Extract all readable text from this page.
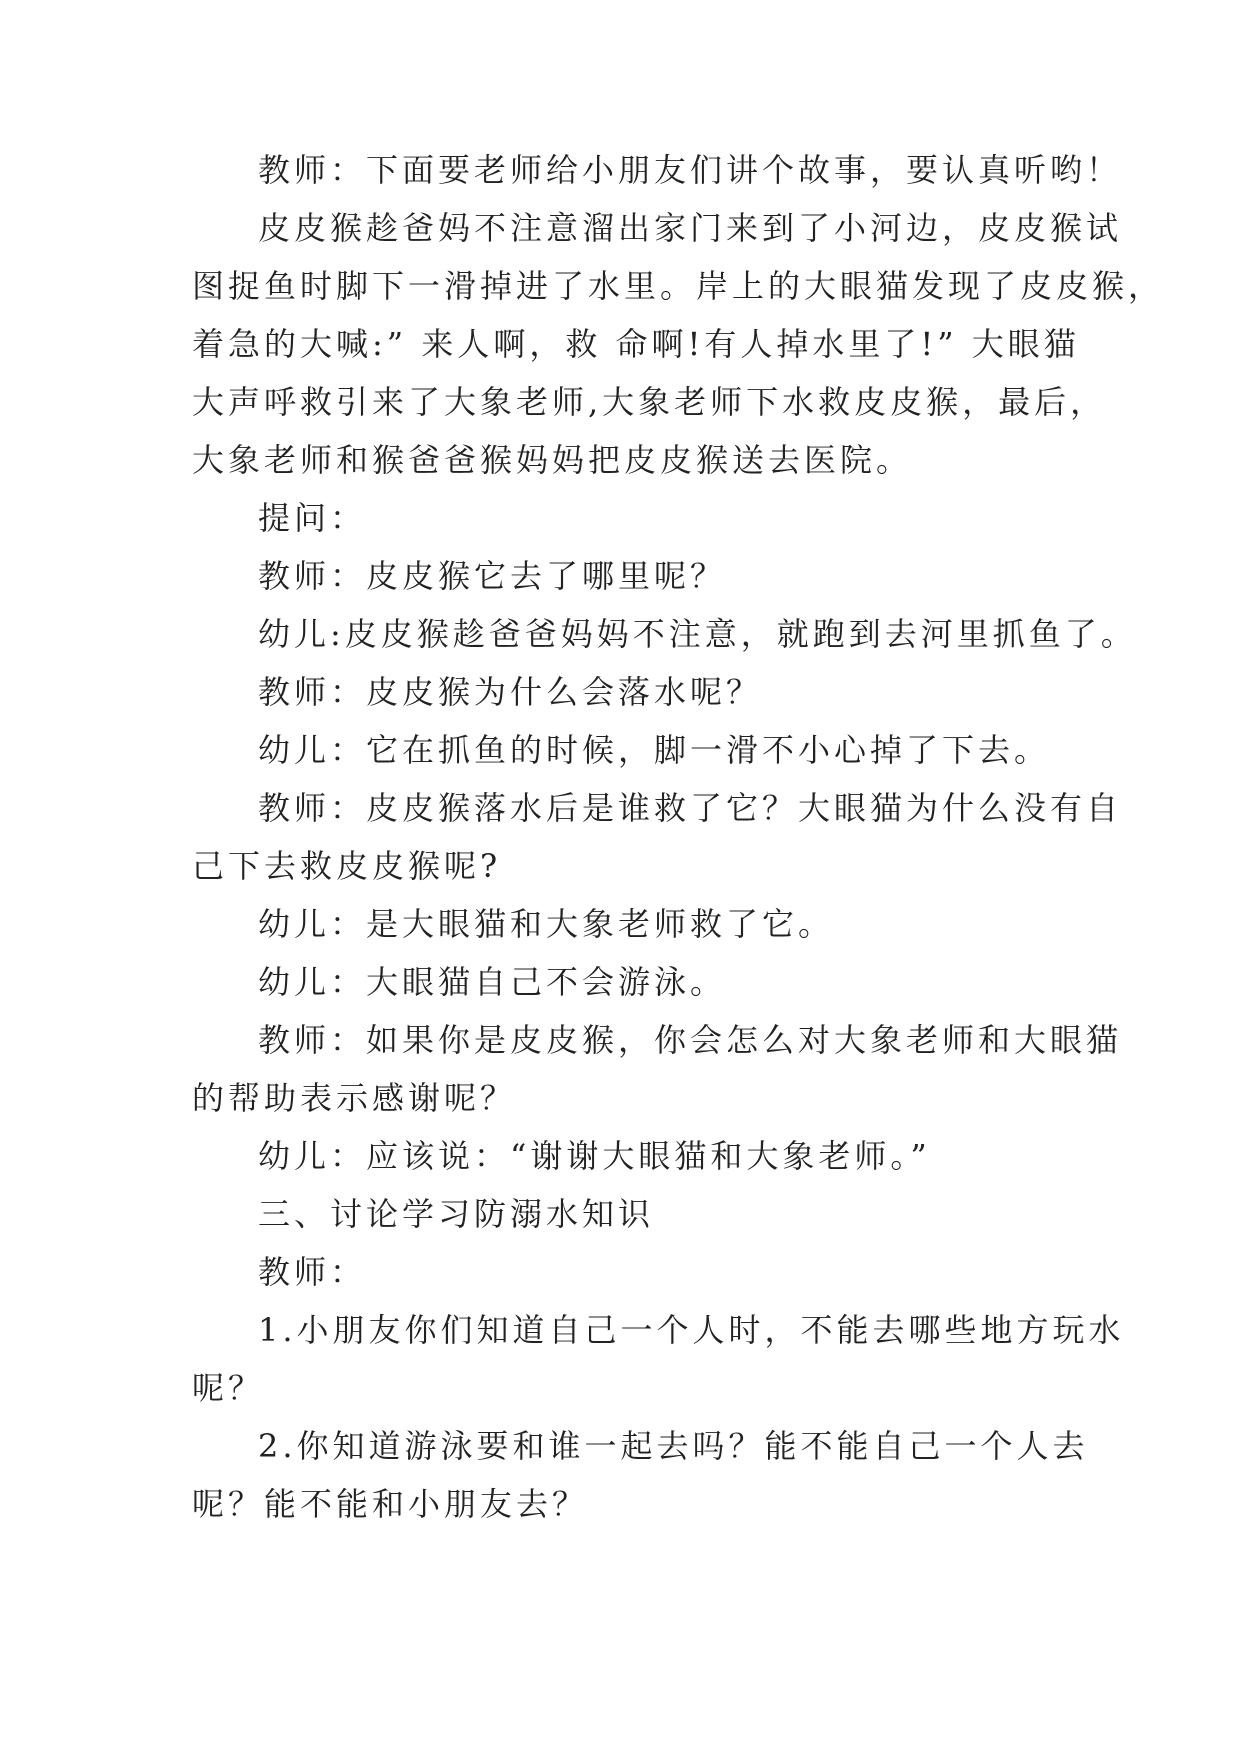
教师：下面要老师给小朋友们讲个故事，要认真听哟！
皮皮猴趁爸妈不注意溜出家门来到了小河边，皮皮猴试
图捉鱼时脚下一滑掉进了水里。岸上的大眼猫发现了皮皮猴，
着急的大喊:” 来人啊，救 命啊!有人掉水里了!” 大眼猫
大声呼救引来了大象老师,大象老师下水救皮皮猴，最后，
大象老师和猴爸爸猴妈妈把皮皮猴送去医院。
提问：
教师：皮皮猴它去了哪里呢？
幼儿:皮皮猴趁爸爸妈妈不注意，就跑到去河里抓鱼了。
教师：皮皮猴为什么会落水呢？
幼儿：它在抓鱼的时候，脚一滑不小心掉了下去。
教师：皮皮猴落水后是谁救了它？大眼猫为什么没有自
己下去救皮皮猴呢?
幼儿：是大眼猫和大象老师救了它。
幼儿：大眼猫自己不会游泳。
教师：如果你是皮皮猴，你会怎么对大象老师和大眼猫
的帮助表示感谢呢？
幼儿：应该说：“谢谢大眼猫和大象老师。”
三、讨论学习防溺水知识
教师：
1.小朋友你们知道自己一个人时，不能去哪些地方玩水
呢？
2.你知道游泳要和谁一起去吗？能不能自己一个人去
呢？能不能和小朋友去？
